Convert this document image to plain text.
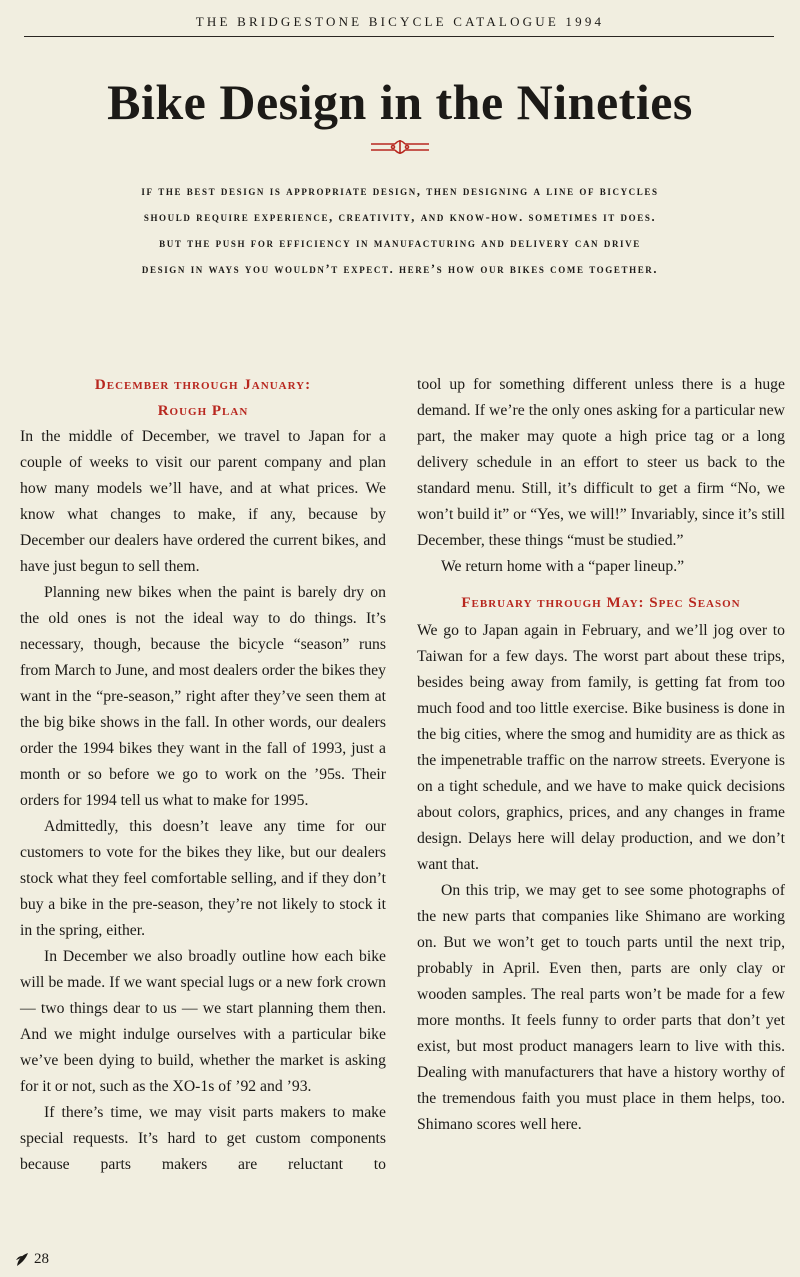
THE BRIDGESTONE BICYCLE CATALOGUE 1994
Bike Design in the Nineties

if the best design is appropriate design, then designing a line of bicycles should require experience, creativity, and know-how. sometimes it does. but the push for efficiency in manufacturing and delivery can drive design in ways you wouldn’t expect. here’s how our bikes come together.

December through January:
Rough Plan

In the middle of December, we travel to Japan for a couple of weeks to visit our parent company and plan how many models we’ll have, and at what prices. We know what changes to make, if any, because by December our dealers have ordered the current bikes, and have just begun to sell them.

Planning new bikes when the paint is barely dry on the old ones is not the ideal way to do things. It’s necessary, though, because the bicycle “season” runs from March to June, and most dealers order the bikes they want in the “pre-season,” right after they’ve seen them at the big bike shows in the fall. In other words, our dealers order the 1994 bikes they want in the fall of 1993, just a month or so before we go to work on the ’95s. Their orders for 1994 tell us what to make for 1995.

Admittedly, this doesn’t leave any time for our customers to vote for the bikes they like, but our dealers stock what they feel comfortable selling, and if they don’t buy a bike in the pre-season, they’re not likely to stock it in the spring, either.

In December we also broadly outline how each bike will be made. If we want special lugs or a new fork crown — two things dear to us — we start planning them then. And we might indulge ourselves with a particular bike we’ve been dying to build, whether the market is asking for it or not, such as the XO-1s of ’92 and ’93.

If there’s time, we may visit parts makers to make special requests. It’s hard to get custom components because parts makers are reluctant to

tool up for something different unless there is a huge demand. If we’re the only ones asking for a particular new part, the maker may quote a high price tag or a long delivery schedule in an effort to steer us back to the standard menu. Still, it’s difficult to get a firm “No, we won’t build it” or “Yes, we will!” Invariably, since it’s still December, these things “must be studied.”

We return home with a “paper lineup.”

February through May: Spec Season

We go to Japan again in February, and we’ll jog over to Taiwan for a few days. The worst part about these trips, besides being away from family, is getting fat from too much food and too little exercise. Bike business is done in the big cities, where the smog and humidity are as thick as the impenetrable traffic on the narrow streets. Everyone is on a tight schedule, and we have to make quick decisions about colors, graphics, prices, and any changes in frame design. Delays here will delay production, and we don’t want that.

On this trip, we may get to see some photographs of the new parts that companies like Shimano are working on. But we won’t get to touch parts until the next trip, probably in April. Even then, parts are only clay or wooden samples. The real parts won’t be made for a few more months. It feels funny to order parts that don’t yet exist, but most product managers learn to live with this. Dealing with manufacturers that have a history worthy of the tremendous faith you must place in them helps, too. Shimano scores well here.

28
